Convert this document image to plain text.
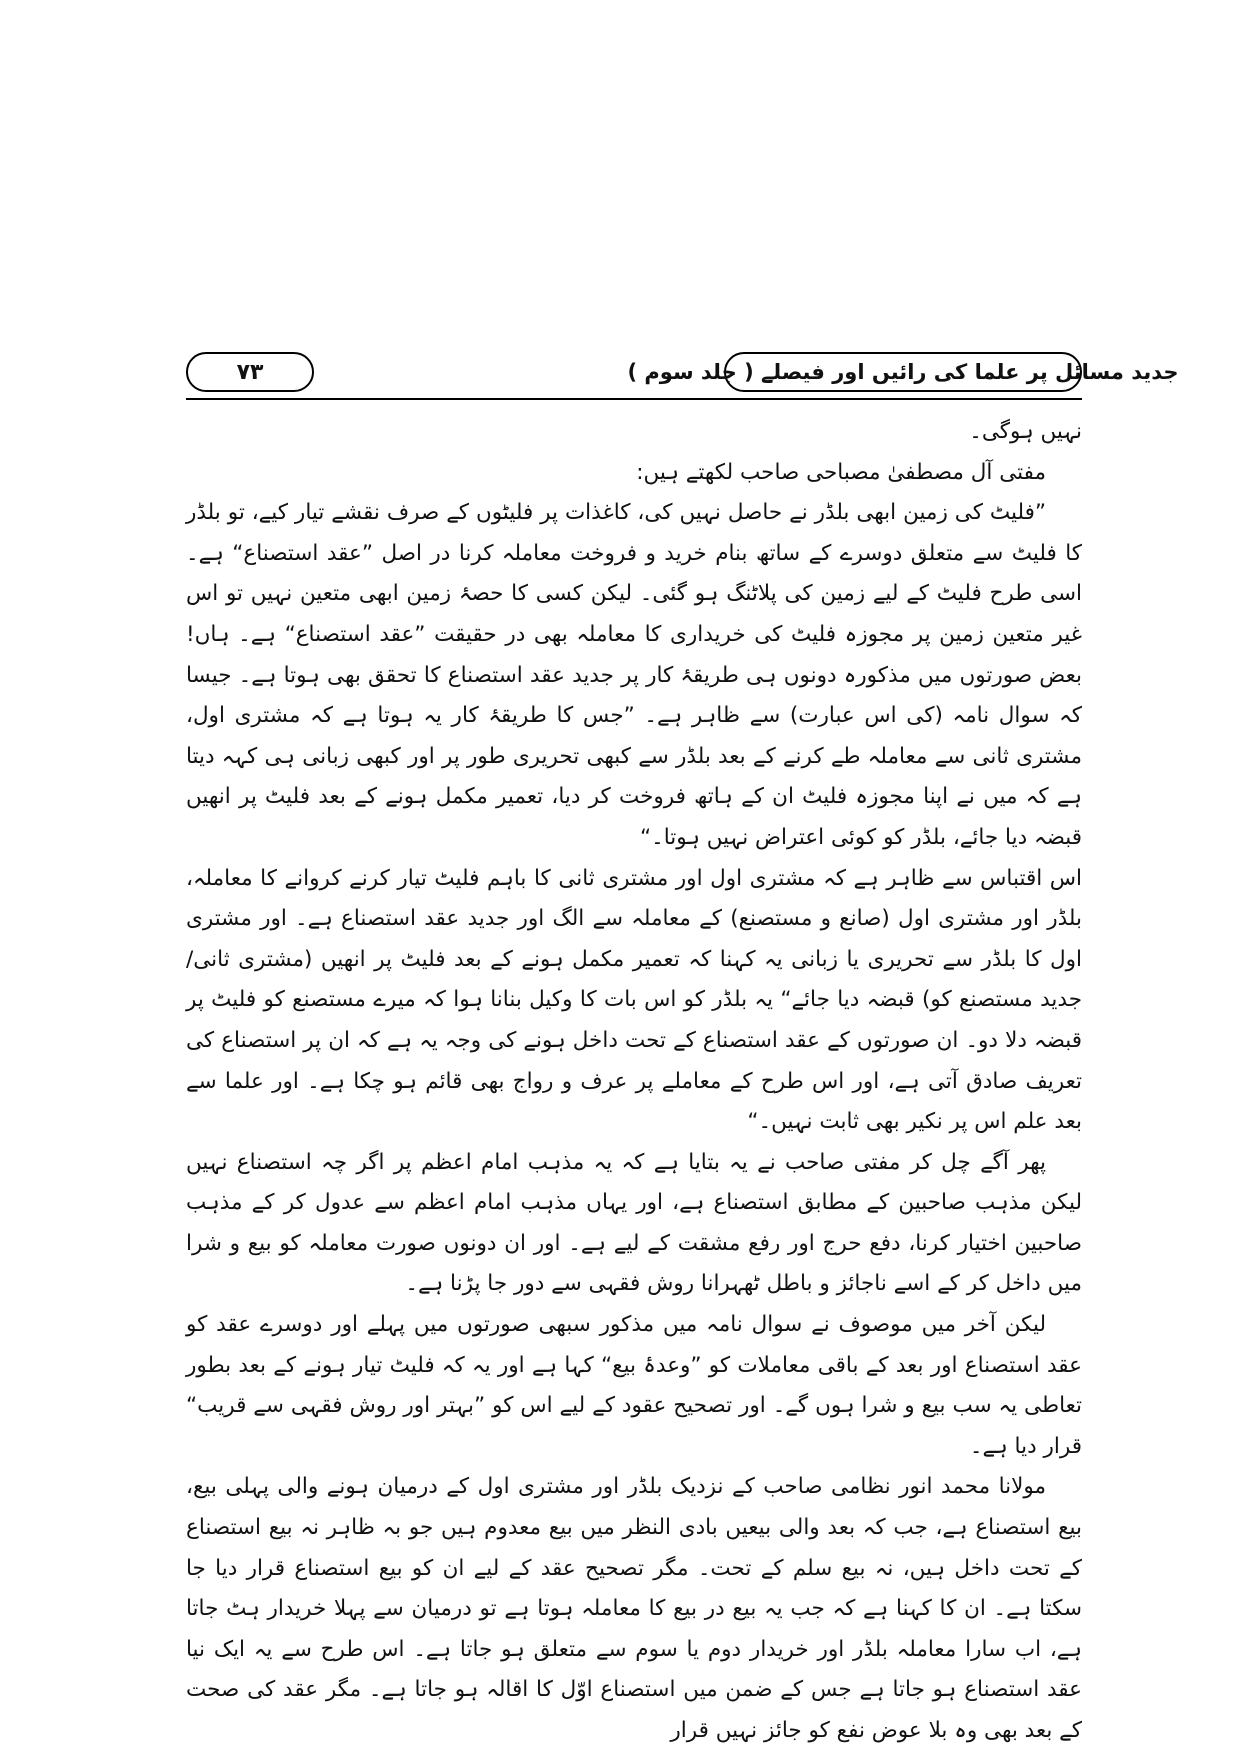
جدید مسائل پر علما کی رائیں اور فیصلے ( جلد سوم )
۷۳

نہیں ہوگی۔

مفتی آل مصطفیٰ مصباحی صاحب لکھتے ہیں:

”فلیٹ کی زمین ابھی بلڈر نے حاصل نہیں کی، کاغذات پر فلیٹوں کے صرف نقشے تیار کیے، تو بلڈر کا فلیٹ سے متعلق دوسرے کے ساتھ بنام خرید و فروخت معاملہ کرنا در اصل ”عقد استصناع“ ہے۔ اسی طرح فلیٹ کے لیے زمین کی پلاٹنگ ہو گئی۔ لیکن کسی کا حصۂ زمین ابھی متعین نہیں تو اس غیر متعین زمین پر مجوزہ فلیٹ کی خریداری کا معاملہ بھی در حقیقت ”عقد استصناع“ ہے۔ ہاں! بعض صورتوں میں مذکورہ دونوں ہی طریقۂ کار پر جدید عقد استصناع کا تحقق بھی ہوتا ہے۔ جیسا کہ سوال نامہ (کی اس عبارت) سے ظاہر ہے۔ ”جس کا طریقۂ کار یہ ہوتا ہے کہ مشتری اول، مشتری ثانی سے معاملہ طے کرنے کے بعد بلڈر سے کبھی تحریری طور پر اور کبھی زبانی ہی کہہ دیتا ہے کہ میں نے اپنا مجوزہ فلیٹ ان کے ہاتھ فروخت کر دیا، تعمیر مکمل ہونے کے بعد فلیٹ پر انھیں قبضہ دیا جائے، بلڈر کو کوئی اعتراض نہیں ہوتا۔“

اس اقتباس سے ظاہر ہے کہ مشتری اول اور مشتری ثانی کا باہم فلیٹ تیار کرنے کروانے کا معاملہ، بلڈر اور مشتری اول (صانع و مستصنع) کے معاملہ سے الگ اور جدید عقد استصناع ہے۔ اور مشتری اول کا بلڈر سے تحریری یا زبانی یہ کہنا کہ تعمیر مکمل ہونے کے بعد فلیٹ پر انھیں (مشتری ثانی/جدید مستصنع کو) قبضہ دیا جائے“ یہ بلڈر کو اس بات کا وکیل بنانا ہوا کہ میرے مستصنع کو فلیٹ پر قبضہ دلا دو۔ ان صورتوں کے عقد استصناع کے تحت داخل ہونے کی وجہ یہ ہے کہ ان پر استصناع کی تعریف صادق آتی ہے، اور اس طرح کے معاملے پر عرف و رواج بھی قائم ہو چکا ہے۔ اور علما سے بعد علم اس پر نکیر بھی ثابت نہیں۔“

پھر آگے چل کر مفتی صاحب نے یہ بتایا ہے کہ یہ مذہب امام اعظم پر اگر چہ استصناع نہیں لیکن مذہب صاحبین کے مطابق استصناع ہے، اور یہاں مذہب امام اعظم سے عدول کر کے مذہب صاحبین اختیار کرنا، دفع حرج اور رفع مشقت کے لیے ہے۔ اور ان دونوں صورت معاملہ کو بیع و شرا میں داخل کر کے اسے ناجائز و باطل ٹھہرانا روش فقہی سے دور جا پڑنا ہے۔

لیکن آخر میں موصوف نے سوال نامہ میں مذکور سبھی صورتوں میں پہلے اور دوسرے عقد کو عقد استصناع اور بعد کے باقی معاملات کو ”وعدۂ بیع“ کہا ہے اور یہ کہ فلیٹ تیار ہونے کے بعد بطور تعاطی یہ سب بیع و شرا ہوں گے۔ اور تصحیح عقود کے لیے اس کو ”بہتر اور روش فقہی سے قریب“ قرار دیا ہے۔

مولانا محمد انور نظامی صاحب کے نزدیک بلڈر اور مشتری اول کے درمیان ہونے والی پہلی بیع، بیع استصناع ہے، جب کہ بعد والی بیعیں بادی النظر میں بیع معدوم ہیں جو بہ ظاہر نہ بیع استصناع کے تحت داخل ہیں، نہ بیع سلم کے تحت۔ مگر تصحیح عقد کے لیے ان کو بیع استصناع قرار دیا جا سکتا ہے۔ ان کا کہنا ہے کہ جب یہ بیع در بیع کا معاملہ ہوتا ہے تو درمیان سے پہلا خریدار ہٹ جاتا ہے، اب سارا معاملہ بلڈر اور خریدار دوم یا سوم سے متعلق ہو جاتا ہے۔ اس طرح سے یہ ایک نیا عقد استصناع ہو جاتا ہے جس کے ضمن میں استصناع اوّل کا اقالہ ہو جاتا ہے۔ مگر عقد کی صحت کے بعد بھی وہ بلا عوض نفع کو جائز نہیں قرار
